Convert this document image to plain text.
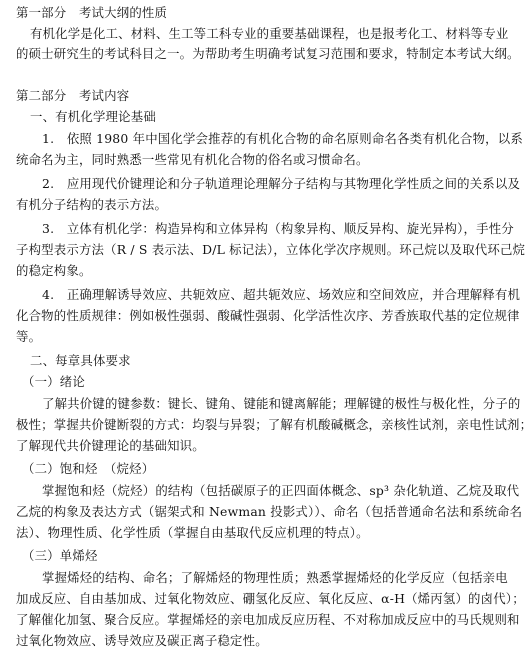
第一部分　考试大纲的性质
有机化学是化工、材料、生工等工科专业的重要基础课程，也是报考化工、材料等专业
的硕士研究生的考试科目之一。为帮助考生明确考试复习范围和要求，特制定本考试大纲。
第二部分　考试内容
一、有机化学理论基础
1.　依照 1980 年中国化学会推荐的有机化合物的命名原则命名各类有机化合物，以系
统命名为主，同时熟悉一些常见有机化合物的俗名或习惯命名。
2.　应用现代价键理论和分子轨道理论理解分子结构与其物理化学性质之间的关系以及
有机分子结构的表示方法。
3.　立体有机化学：构造异构和立体异构（构象异构、顺反异构、旋光异构），手性分
子构型表示方法（R / S 表示法、D/L 标记法），立体化学次序规则。环己烷以及取代环己烷
的稳定构象。
4.　正确理解诱导效应、共轭效应、超共轭效应、场效应和空间效应，并合理解释有机
化合物的性质规律：例如极性强弱、酸碱性强弱、化学活性次序、芳香族取代基的定位规律
等。
二、每章具体要求
（一）绪论
了解共价键的键参数：键长、键角、键能和键离解能；理解键的极性与极化性，分子的
极性；掌握共价键断裂的方式：均裂与异裂；了解有机酸碱概念，亲核性试剂，亲电性试剂；
了解现代共价键理论的基础知识。
（二）饱和烃　（烷烃）
掌握饱和烃（烷烃）的结构（包括碳原子的正四面体概念、sp³ 杂化轨道、乙烷及取代
乙烷的构象及表达方式（锯架式和 Newman 投影式））、命名（包括普通命名法和系统命名
法）、物理性质、化学性质（掌握自由基取代反应机理的特点）。
（三）单烯烃
掌握烯烃的结构、命名；了解烯烃的物理性质；熟悉掌握烯烃的化学反应（包括亲电
加成反应、自由基加成、过氧化物效应、硼氢化反应、氧化反应、α-H（烯丙氢）的卤代）；
了解催化加氢、聚合反应。掌握烯烃的亲电加成反应历程、不对称加成反应中的马氏规则和
过氧化物效应、诱导效应及碳正离子稳定性。
